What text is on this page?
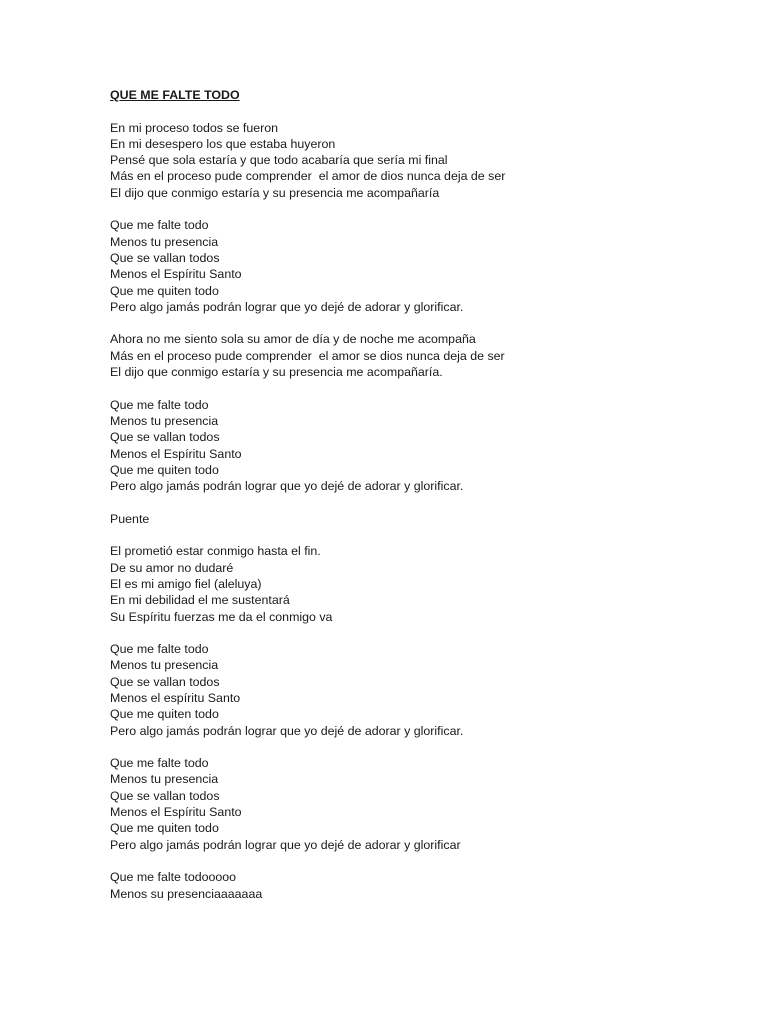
QUE ME FALTE TODO
En mi proceso todos se fueron
En mi desespero los que estaba huyeron
Pensé que sola estaría y que todo acabaría que sería mi final
Más en el proceso pude comprender  el amor de dios nunca deja de ser
El dijo que conmigo estaría y su presencia me acompañaría
Que me falte todo
Menos tu presencia
Que se vallan todos
Menos el Espíritu Santo
Que me quiten todo
Pero algo jamás podrán lograr que yo dejé de adorar y glorificar.
Ahora no me siento sola su amor de día y de noche me acompaña
Más en el proceso pude comprender  el amor se dios nunca deja de ser
El dijo que conmigo estaría y su presencia me acompañaría.
Que me falte todo
Menos tu presencia
Que se vallan todos
Menos el Espíritu Santo
Que me quiten todo
Pero algo jamás podrán lograr que yo dejé de adorar y glorificar.
Puente
El prometió estar conmigo hasta el fin.
De su amor no dudaré
El es mi amigo fiel (aleluya)
En mi debilidad el me sustentará
Su Espíritu fuerzas me da el conmigo va
Que me falte todo
Menos tu presencia
Que se vallan todos
Menos el espíritu Santo
Que me quiten todo
Pero algo jamás podrán lograr que yo dejé de adorar y glorificar.
Que me falte todo
Menos tu presencia
Que se vallan todos
Menos el Espíritu Santo
Que me quiten todo
Pero algo jamás podrán lograr que yo dejé de adorar y glorificar
Que me falte todooooo
Menos su presenciaaaaaaa
